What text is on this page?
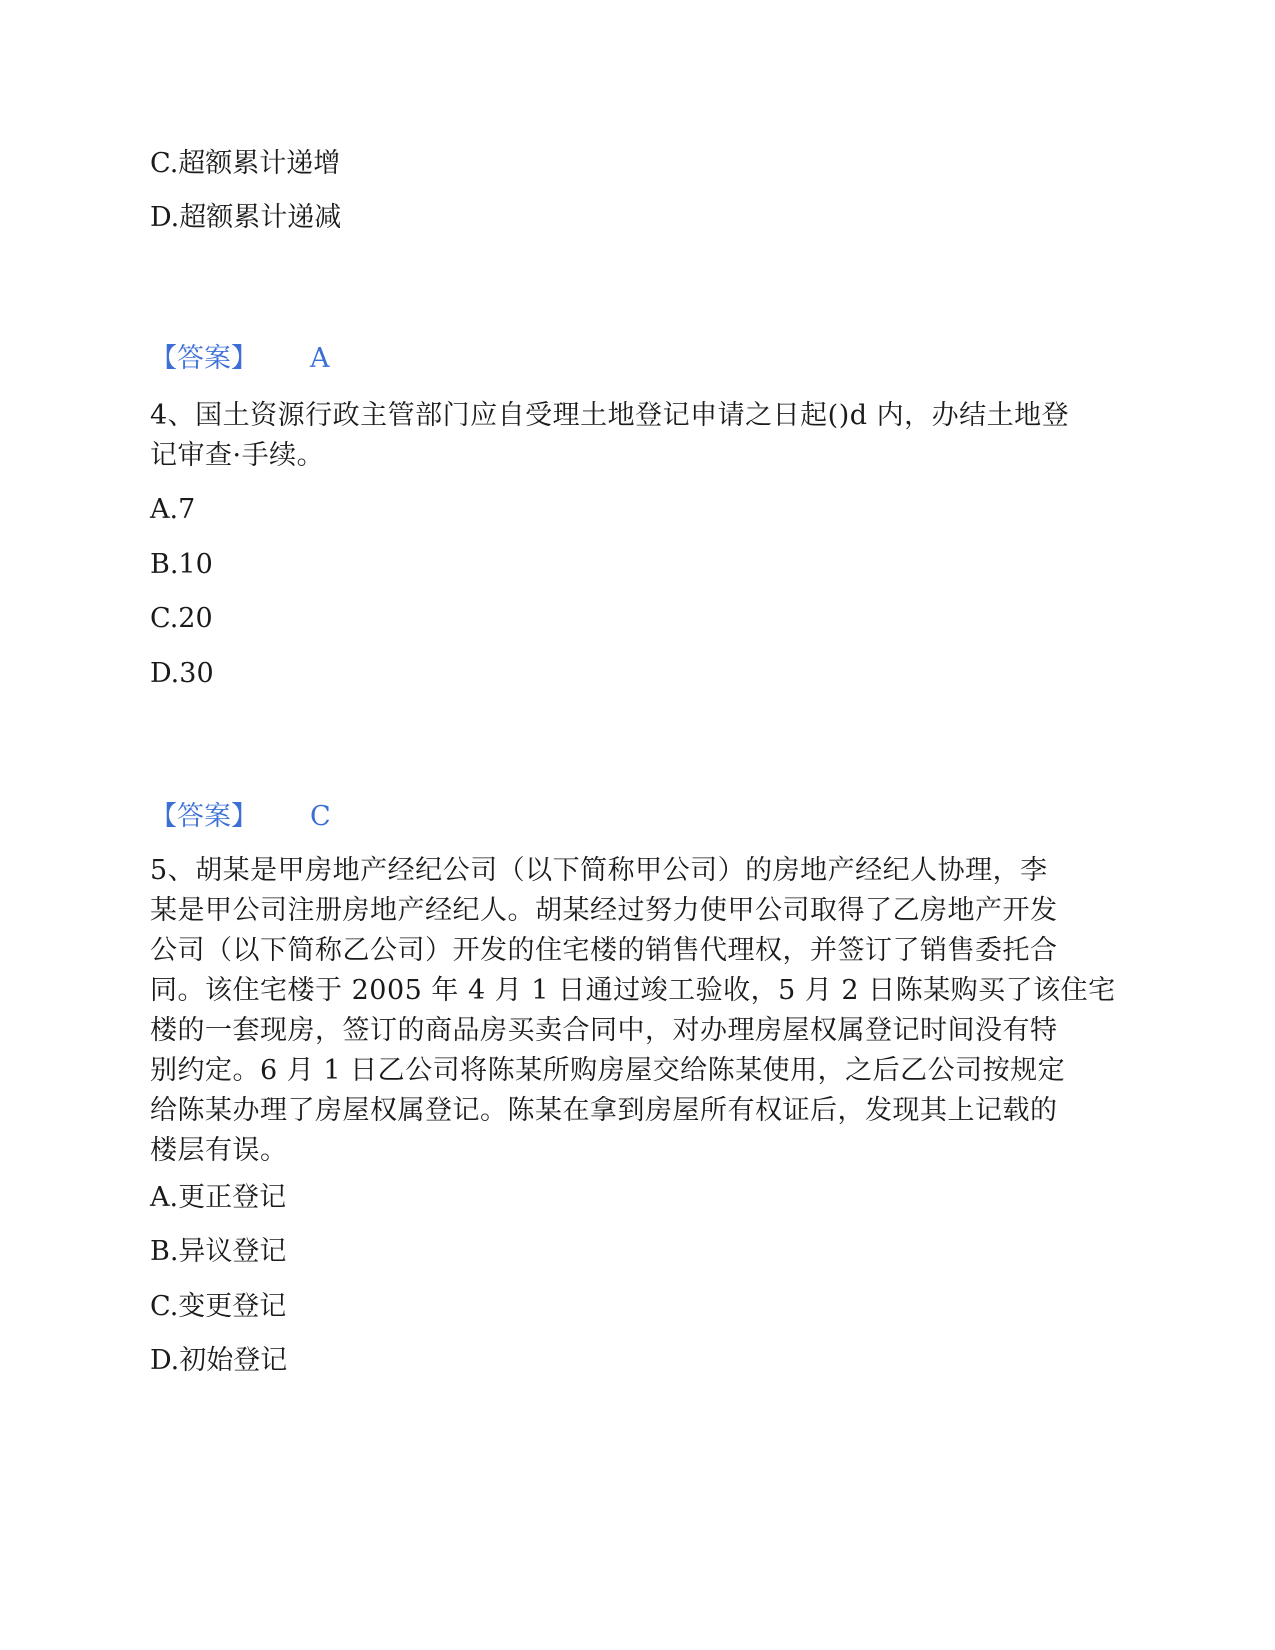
C.超额累计递增
D.超额累计递减
【答案】 A
4、国土资源行政主管部门应自受理土地登记申请之日起()d 内，办结土地登
记审查·手续。
A.7
B.10
C.20
D.30
【答案】 C
5、胡某是甲房地产经纪公司（以下简称甲公司）的房地产经纪人协理，李
某是甲公司注册房地产经纪人。胡某经过努力使甲公司取得了乙房地产开发
公司（以下简称乙公司）开发的住宅楼的销售代理权，并签订了销售委托合
同。该住宅楼于 2005 年 4 月 1 日通过竣工验收，5 月 2 日陈某购买了该住宅
楼的一套现房，签订的商品房买卖合同中，对办理房屋权属登记时间没有特
别约定。6 月 1 日乙公司将陈某所购房屋交给陈某使用，之后乙公司按规定
给陈某办理了房屋权属登记。陈某在拿到房屋所有权证后，发现其上记载的
楼层有误。
A.更正登记
B.异议登记
C.变更登记
D.初始登记
